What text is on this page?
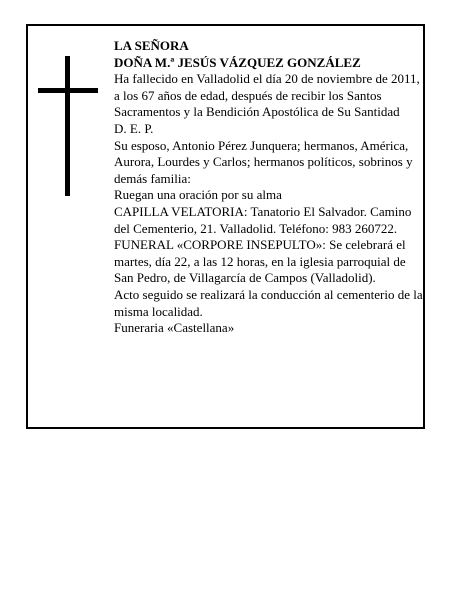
LA SEÑORA

DOÑA M.ª JESÚS VÁZQUEZ GONZÁLEZ

Ha fallecido en Valladolid el día 20 de noviembre de 2011, a los 67 años de edad, después de recibir los Santos Sacramentos y la Bendición Apostólica de Su Santidad

D. E. P.

Su esposo, Antonio Pérez Junquera; hermanos, América, Aurora, Lourdes y Carlos; hermanos políticos, sobrinos y demás familia:

Ruegan una oración por su alma

CAPILLA VELATORIA: Tanatorio El Salvador. Camino del Cementerio, 21. Valladolid. Teléfono: 983 260722.

FUNERAL «CORPORE INSEPULTO»: Se celebrará el martes, día 22, a las 12 horas, en la iglesia parroquial de San Pedro, de Villagarcía de Campos (Valladolid).

Acto seguido se realizará la conducción al cementerio de la misma localidad.

Funeraria «Castellana»
